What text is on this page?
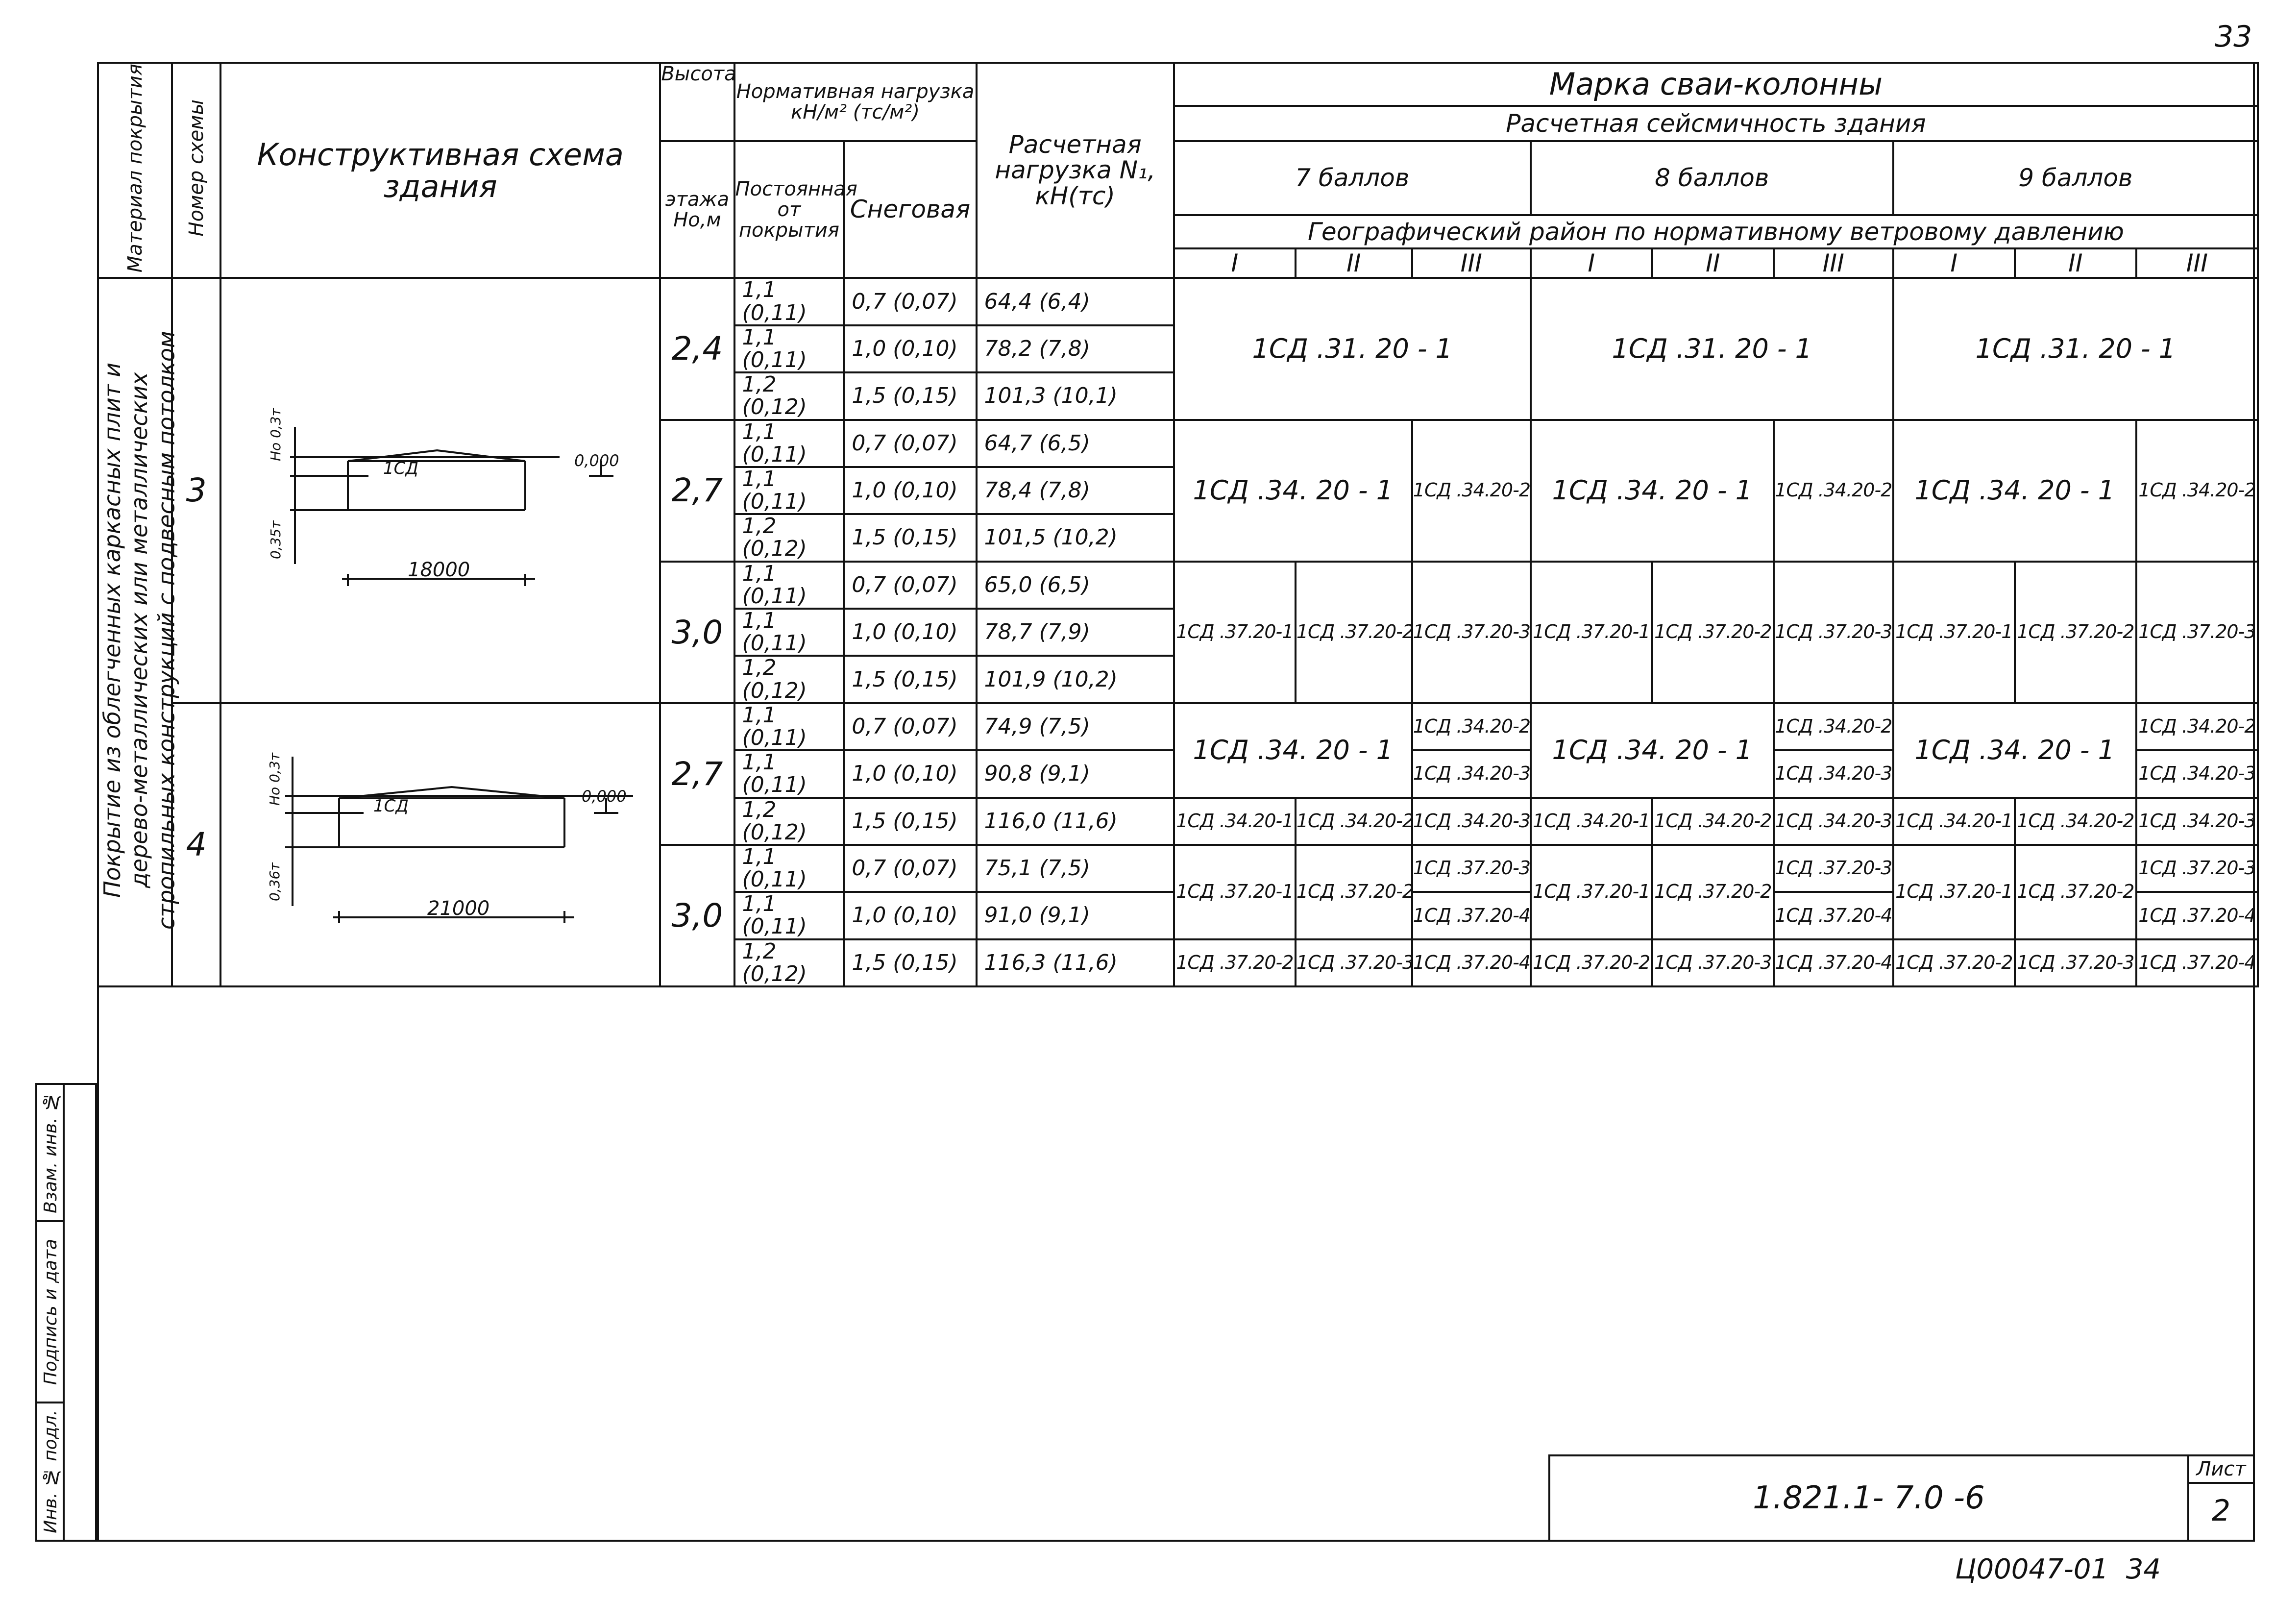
33
Материал покрытия	Номер схемы	Конструктивная схема здания	Высота	Нормативная нагрузка кН/м² (тс/м²)		Расчетная нагрузка N₁, кН(тс)	Марка сваи-колонны								
							Расчетная сейсмичность здания								
			этажа
Hо,м	Постоянная от покрытия	Снеговая		7 баллов			8 баллов			9 баллов		
							Географический район по нормативному ветровому давлению								
							I	II	III	I	II	III	I	II	III
Покрытие из облегченных каркасных плит и дерево-металлических или металлических стропильных конструкций с подвесным потолком	3	1СД
18000
0,000
Hо 0,3т
0,35т	2,4	1,1 (0,11)	0,7 (0,07)	64,4 (6,4)	1СД .31. 20 - 1			1СД .31. 20 - 1			1СД .31. 20 - 1		
				1,1 (0,11)	1,0 (0,10)	78,2 (7,8)									
				1,2 (0,12)	1,5 (0,15)	101,3 (10,1)									
			2,7	1,1 (0,11)	0,7 (0,07)	64,7 (6,5)	1СД .34. 20 - 1		1СД .34.20-2	1СД .34. 20 - 1		1СД .34.20-2	1СД .34. 20 - 1		1СД .34.20-2
				1,1 (0,11)	1,0 (0,10)	78,4 (7,8)									
				1,2 (0,12)	1,5 (0,15)	101,5 (10,2)									
			3,0	1,1 (0,11)	0,7 (0,07)	65,0 (6,5)	1СД .37.20-1	1СД .37.20-2	1СД .37.20-3	1СД .37.20-1	1СД .37.20-2	1СД .37.20-3	1СД .37.20-1	1СД .37.20-2	1СД .37.20-3
				1,1 (0,11)	1,0 (0,10)	78,7 (7,9)									
				1,2 (0,12)	1,5 (0,15)	101,9 (10,2)									
	4	1СД
21000
0,000
Hо 0,3т
0,36т	2,7	1,1 (0,11)	0,7 (0,07)	74,9 (7,5)	1СД .34. 20 - 1		1СД .34.20-2	1СД .34. 20 - 1		1СД .34.20-2	1СД .34. 20 - 1		1СД .34.20-2
				1,1 (0,11)	1,0 (0,10)	90,8 (9,1)			1СД .34.20-3			1СД .34.20-3			1СД .34.20-3
				1,2 (0,12)	1,5 (0,15)	116,0 (11,6)	1СД .34.20-1	1СД .34.20-2	1СД .34.20-3	1СД .34.20-1	1СД .34.20-2	1СД .34.20-3	1СД .34.20-1	1СД .34.20-2	1СД .34.20-3
			3,0	1,1 (0,11)	0,7 (0,07)	75,1 (7,5)	1СД .37.20-1	1СД .37.20-2	1СД .37.20-3	1СД .37.20-1	1СД .37.20-2	1СД .37.20-3	1СД .37.20-1	1СД .37.20-2	1СД .37.20-3
				1,1 (0,11)	1,0 (0,10)	91,0 (9,1)			1СД .37.20-4			1СД .37.20-4			1СД .37.20-4
				1,2 (0,12)	1,5 (0,15)	116,3 (11,6)	1СД .37.20-2	1СД .37.20-3	1СД .37.20-4	1СД .37.20-2	1СД .37.20-3	1СД .37.20-4	1СД .37.20-2	1СД .37.20-3	1СД .37.20-4
Взам. инв. №
Подпись и дата
Инв. № подл.	1.821.1- 7.0 -6
Лист
2
Ц00047-01 34
